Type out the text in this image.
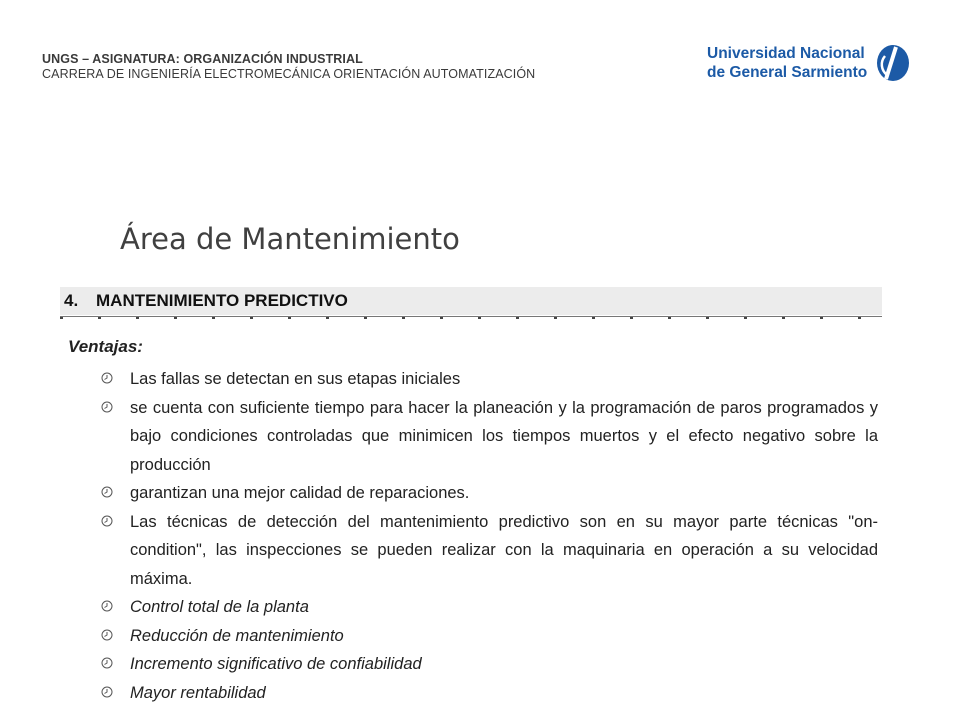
UNGS – ASIGNATURA: ORGANIZACIÓN INDUSTRIAL
CARRERA DE INGENIERÍA ELECTROMECÁNICA ORIENTACIÓN AUTOMATIZACIÓN
Universidad Nacional
de General Sarmiento
Área de Mantenimiento
4. MANTENIMIENTO PREDICTIVO
Ventajas:
Las fallas se detectan en sus etapas iniciales
se cuenta con suficiente tiempo para hacer la planeación y la programación de paros programados y bajo condiciones controladas que minimicen los tiempos muertos y el efecto negativo sobre la producción
garantizan una mejor calidad de reparaciones.
Las técnicas de detección del mantenimiento predictivo son en su mayor parte técnicas "on-condition", las inspecciones se pueden realizar con la maquinaria en operación a su velocidad máxima.
Control total de la planta
Reducción de mantenimiento
Incremento significativo de confiabilidad
Mayor rentabilidad
